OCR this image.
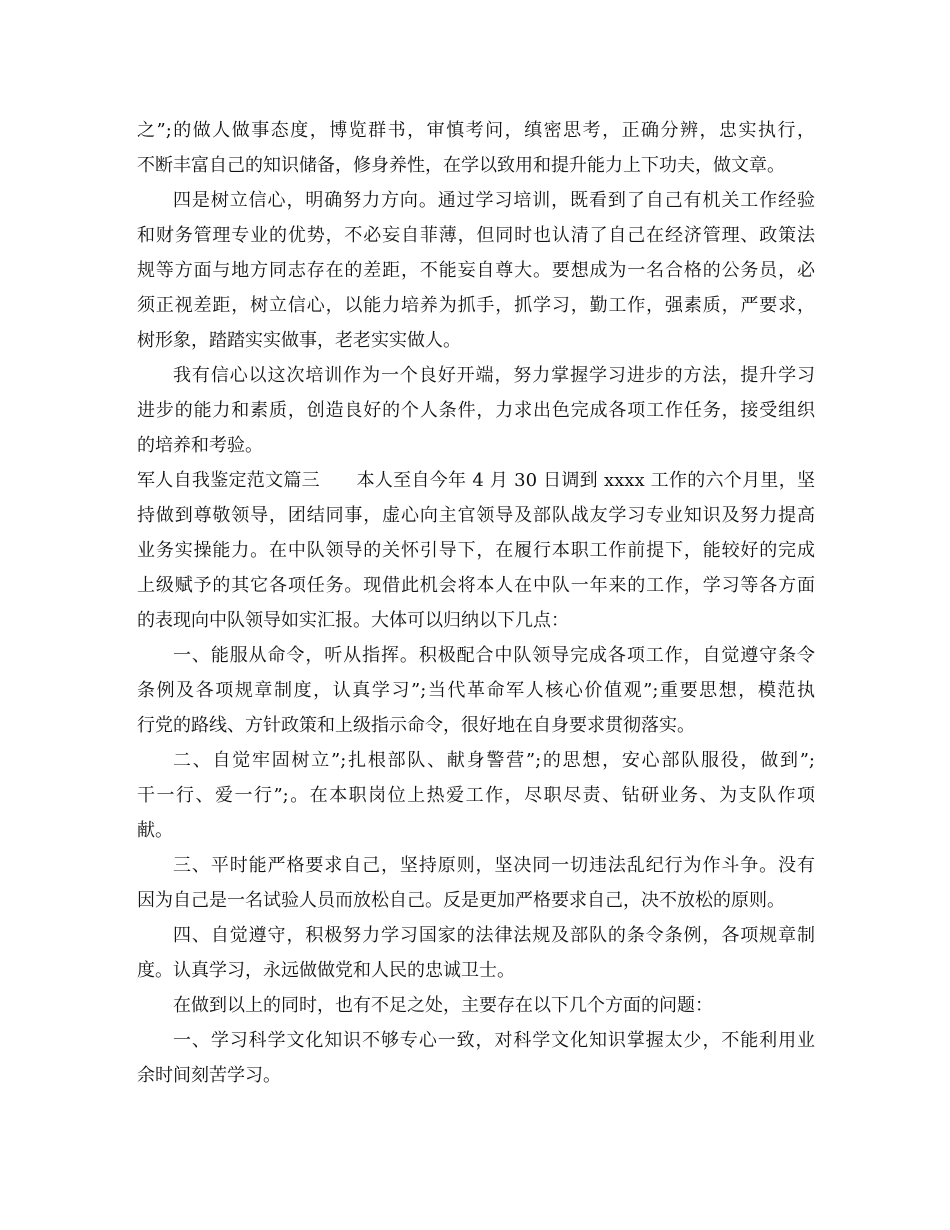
之”;的做人做事态度，博览群书，审慎考问，缜密思考，正确分辨，忠实执行，
不断丰富自己的知识储备，修身养性，在学以致用和提升能力上下功夫，做文章。
四是树立信心，明确努力方向。通过学习培训，既看到了自己有机关工作经验
和财务管理专业的优势，不必妄自菲薄，但同时也认清了自己在经济管理、政策法
规等方面与地方同志存在的差距，不能妄自尊大。要想成为一名合格的公务员，必
须正视差距，树立信心，以能力培养为抓手，抓学习，勤工作，强素质，严要求，
树形象，踏踏实实做事，老老实实做人。
我有信心以这次培训作为一个良好开端，努力掌握学习进步的方法，提升学习
进步的能力和素质，创造良好的个人条件，力求出色完成各项工作任务，接受组织
的培养和考验。
军人自我鉴定范文篇三　　本人至自今年 4 月 30 日调到 xxxx 工作的六个月里，坚
持做到尊敬领导，团结同事，虚心向主官领导及部队战友学习专业知识及努力提高
业务实操能力。在中队领导的关怀引导下，在履行本职工作前提下，能较好的完成
上级赋予的其它各项任务。现借此机会将本人在中队一年来的工作，学习等各方面
的表现向中队领导如实汇报。大体可以归纳以下几点：
一、能服从命令，听从指挥。积极配合中队领导完成各项工作，自觉遵守条令
条例及各项规章制度，认真学习”;当代革命军人核心价值观”;重要思想，模范执
行党的路线、方针政策和上级指示命令，很好地在自身要求贯彻落实。
二、自觉牢固树立”;扎根部队、献身警营”;的思想，安心部队服役，做到”;
干一行、爱一行”;。在本职岗位上热爱工作，尽职尽责、钻研业务、为支队作项
献。
三、平时能严格要求自己，坚持原则，坚决同一切违法乱纪行为作斗争。没有
因为自己是一名试验人员而放松自己。反是更加严格要求自己，决不放松的原则。
四、自觉遵守，积极努力学习国家的法律法规及部队的条令条例，各项规章制
度。认真学习，永远做做党和人民的忠诚卫士。
在做到以上的同时，也有不足之处，主要存在以下几个方面的问题：
一、学习科学文化知识不够专心一致，对科学文化知识掌握太少，不能利用业
余时间刻苦学习。
